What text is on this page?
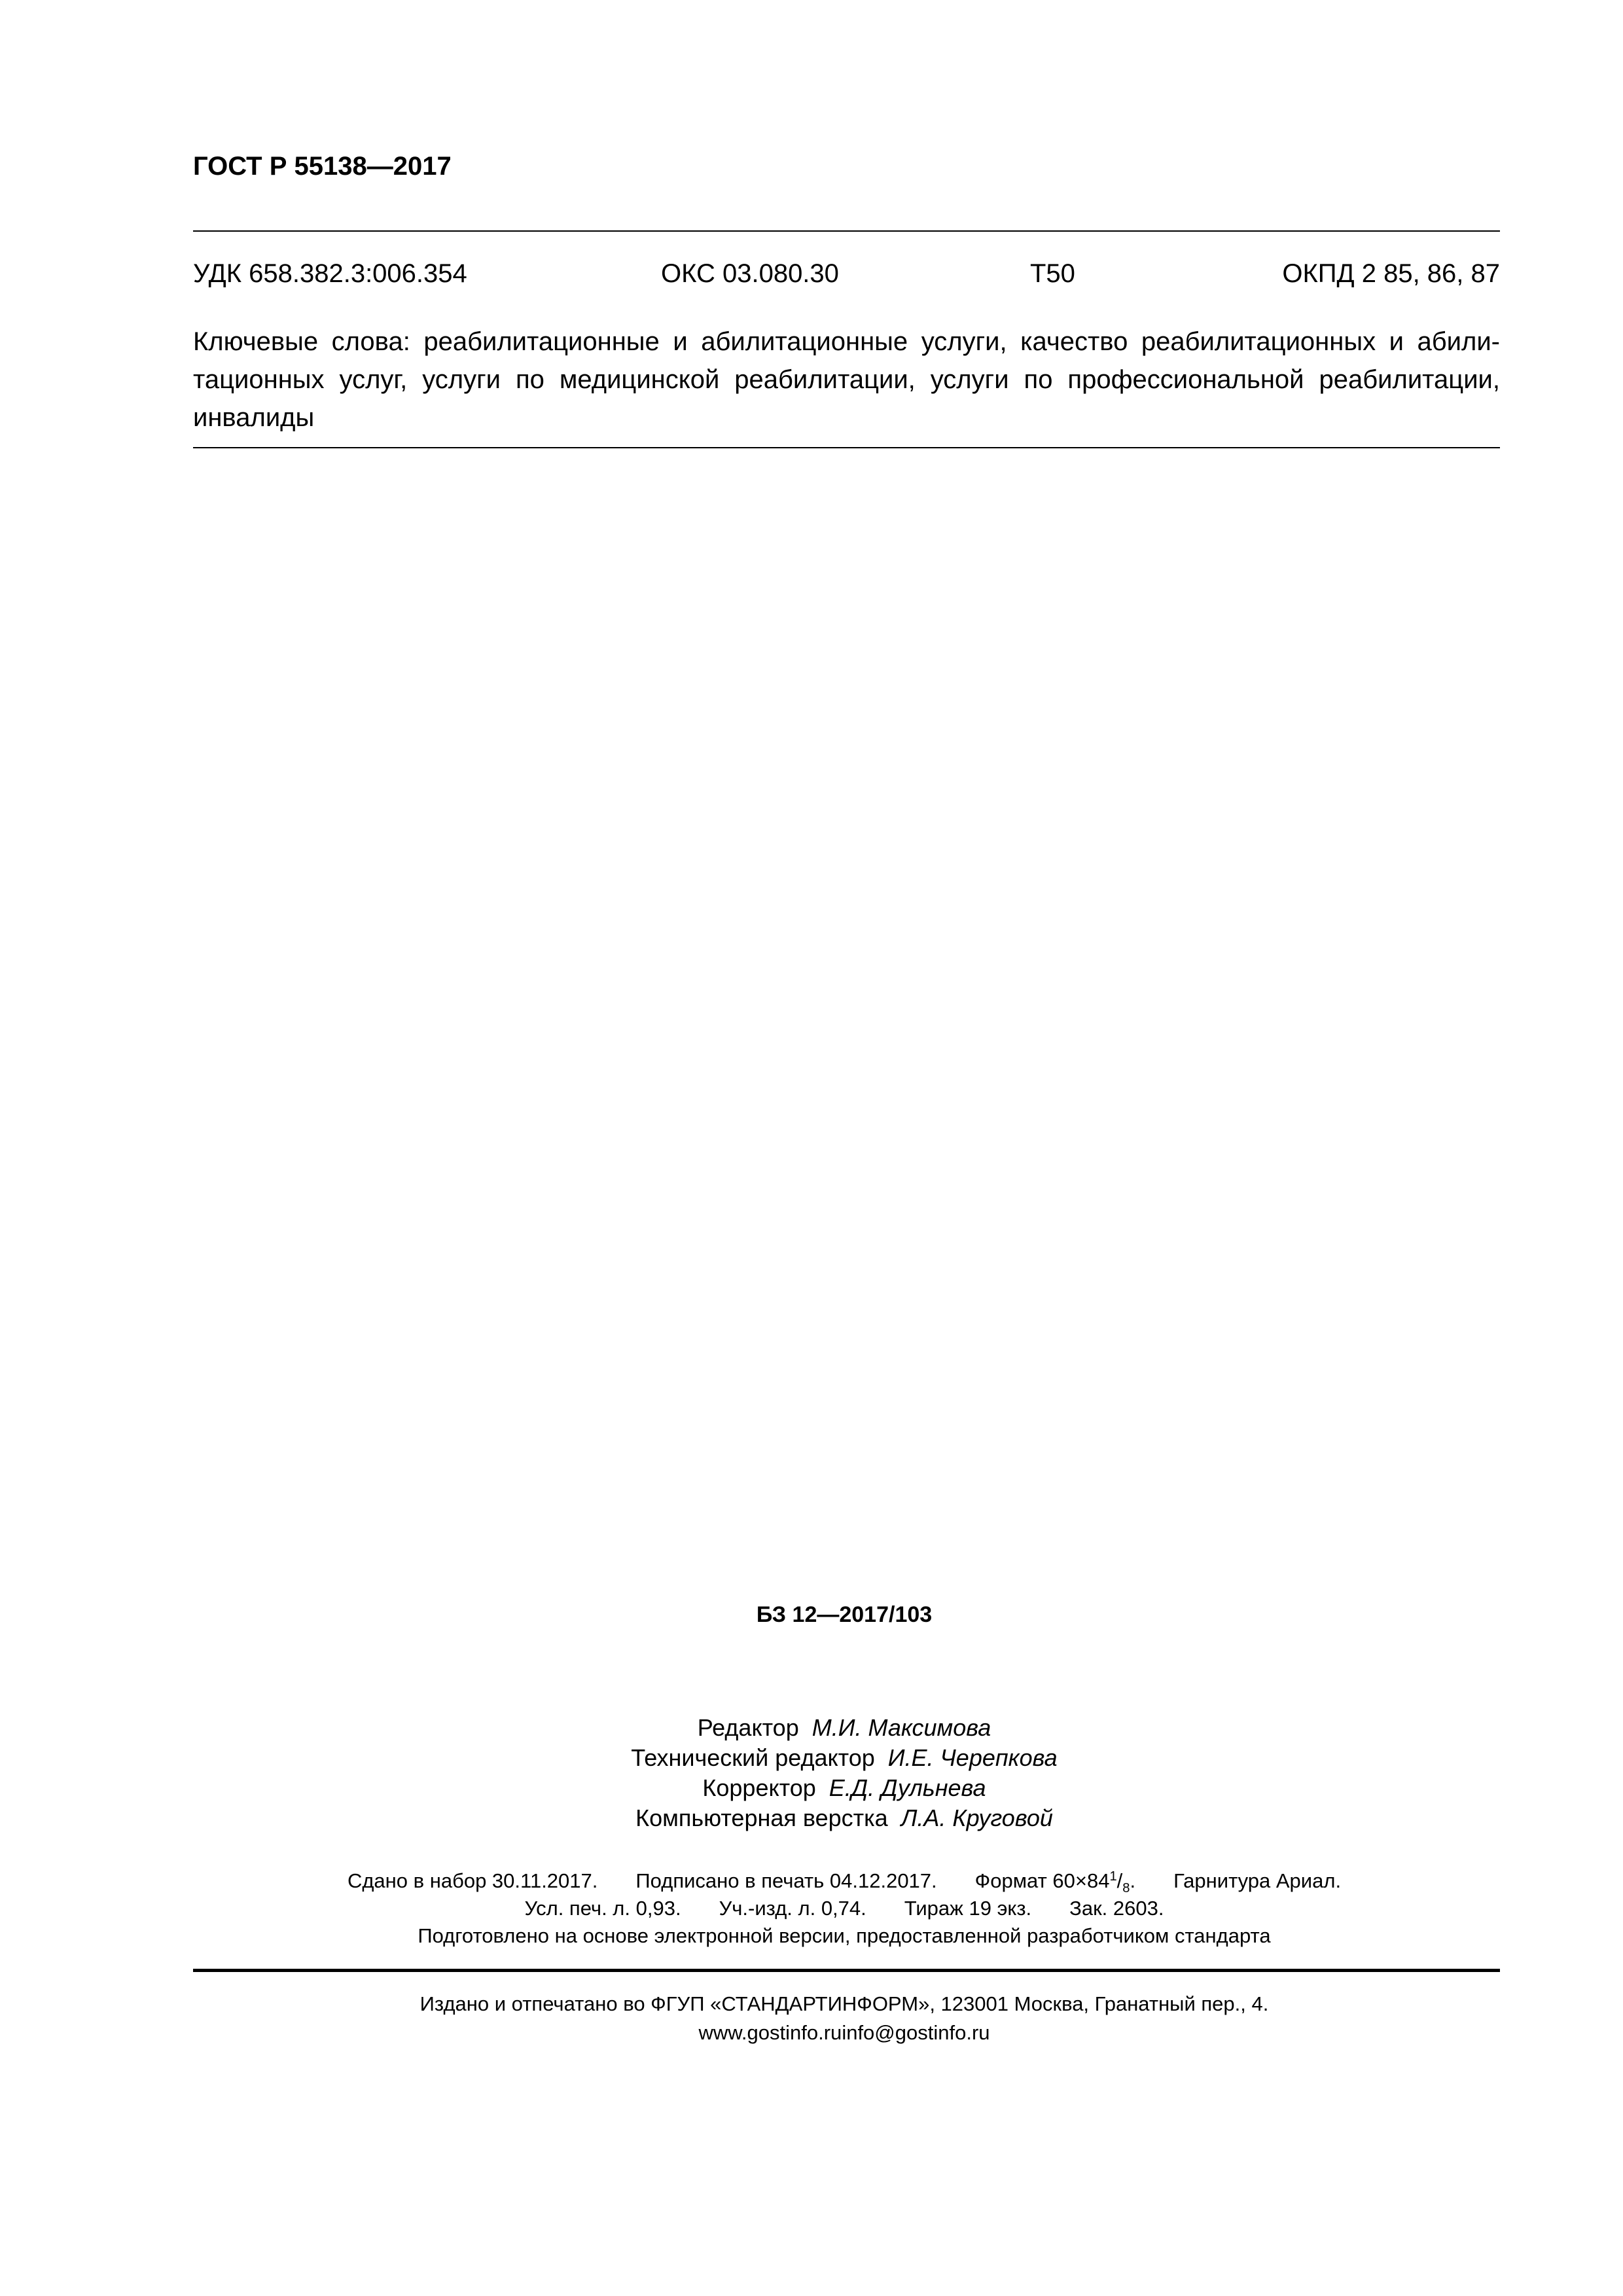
ГОСТ Р 55138—2017
УДК 658.382.3:006.354	ОКС 03.080.30	Т50	ОКПД 2 85, 86, 87
Ключевые слова: реабилитационные и абилитационные услуги, качество реабилитационных и абили-
тационных услуг, услуги по медицинской реабилитации, услуги по профессиональной реабилитации,
инвалиды
БЗ 12—2017/103
Редактор М.И. Максимова
Технический редактор И.Е. Черепкова
Корректор Е.Д. Дульнева
Компьютерная верстка Л.А. Круговой
Сдано в набор 30.11.2017. Подписано в печать 04.12.2017. Формат $60\times 84^1/_8$. Гарнитура Ариал.
Усл. печ. л. 0,93. Уч.-изд. л. 0,74. Тираж 19 экз. Зак. 2603.
Подготовлено на основе электронной версии, предоставленной разработчиком стандарта
Издано и отпечатано во ФГУП «СТАНДАРТИНФОРМ», 123001 Москва, Гранатный пер., 4.
www.gostinfo.ruinfo@gostinfo.ru
